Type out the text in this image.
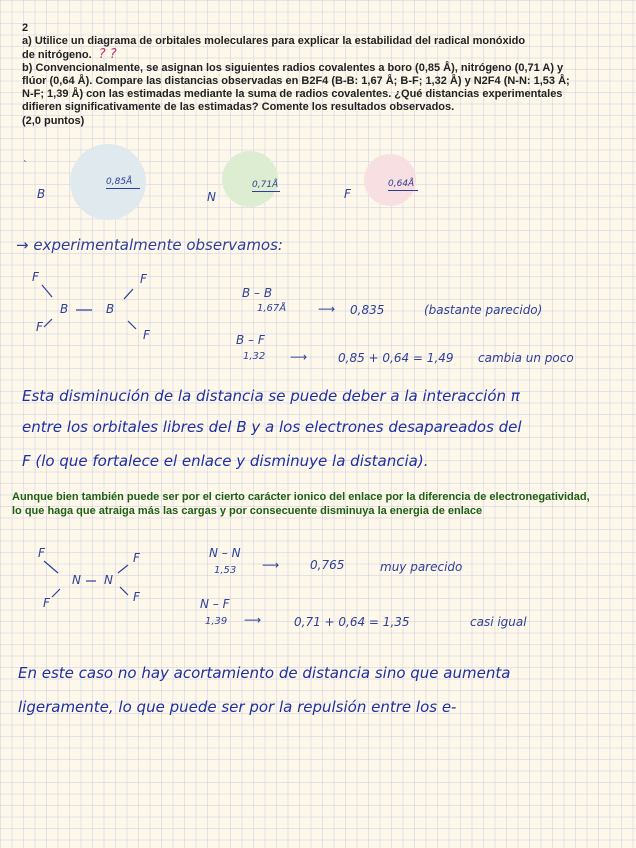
2
a) Utilice un diagrama de orbitales moleculares para explicar la estabilidad del radical monóxido
de nitrógeno. ? ?
b) Convencionalmente, se asignan los siguientes radios covalentes a boro (0,85 Å), nitrógeno (0,71 A) y
flúor (0,64 Å). Compare las distancias observadas en B2F4 (B-B: 1,67 Å; B-F; 1,32 Å) y N2F4 (N-N: 1,53 Å;
N-F; 1,39 Å) con las estimadas mediante la suma de radios covalentes. ¿Qué distancias experimentales
difieren significativamente de las estimadas? Comente los resultados observados.
(2,0 puntos)
ˋ
B
0,85Å
N
0,71Å
F
0,64Å
→ experimentalmente observamos:
F	F
B	B
F
F
B – B
1,67Å	⟶ 0,835	(bastante parecido)
B – F
1,32 ⟶	0,85 + 0,64 = 1,49 cambia un poco
Esta disminución de la distancia se puede deber a la interacción π
entre los orbitales libres del B y a los electrones desapareados del
F (lo que fortalece el enlace y disminuye la distancia).
Aunque bien también puede ser por el cierto carácter ionico del enlace por la diferencia de electronegatividad,
lo que haga que atraiga más las cargas y por consecuente disminuya la energia de enlace
F	F
N N
F	F
N – N
1,53 ⟶	0,765	muy parecido
N – F
1,39 ⟶	0,71 + 0,64 = 1,35	casi igual
En este caso no hay acortamiento de distancia sino que aumenta
ligeramente, lo que puede ser por la repulsión entre los e-
